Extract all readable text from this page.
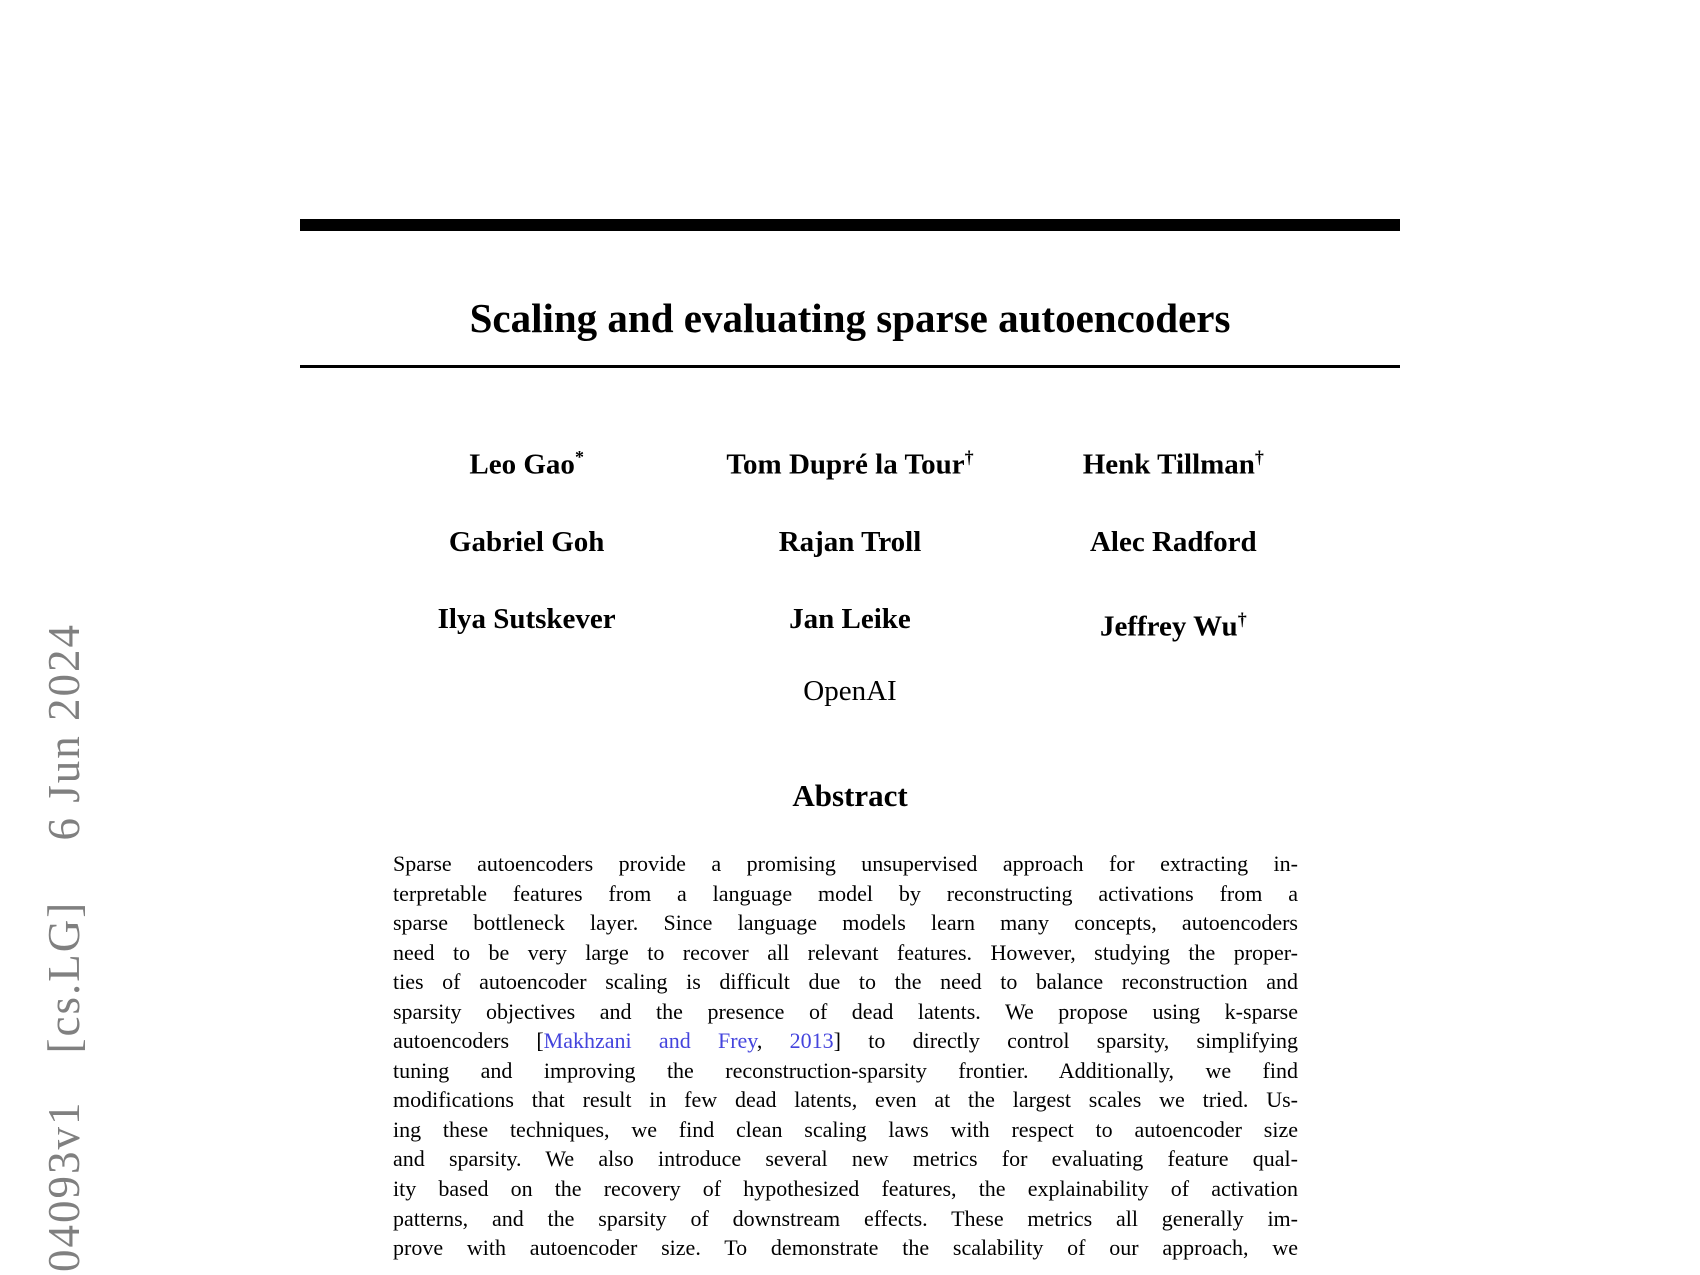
04093v1 [cs.LG]  6 Jun 2024
Scaling and evaluating sparse autoencoders
Leo Gao*	Tom Dupré la Tour†	Henk Tillman†
Gabriel Goh	Rajan Troll	Alec Radford
Ilya Sutskever	Jan Leike	Jeffrey Wu†
OpenAI
Abstract
Sparse autoencoders provide a promising unsupervised approach for extracting in-
terpretable features from a language model by reconstructing activations from a
sparse bottleneck layer. Since language models learn many concepts, autoencoders
need to be very large to recover all relevant features. However, studying the proper-
ties of autoencoder scaling is difficult due to the need to balance reconstruction and
sparsity objectives and the presence of dead latents. We propose using k-sparse
autoencoders [Makhzani and Frey, 2013] to directly control sparsity, simplifying
tuning and improving the reconstruction-sparsity frontier. Additionally, we find
modifications that result in few dead latents, even at the largest scales we tried. Us-
ing these techniques, we find clean scaling laws with respect to autoencoder size
and sparsity. We also introduce several new metrics for evaluating feature qual-
ity based on the recovery of hypothesized features, the explainability of activation
patterns, and the sparsity of downstream effects. These metrics all generally im-
prove with autoencoder size. To demonstrate the scalability of our approach, we
